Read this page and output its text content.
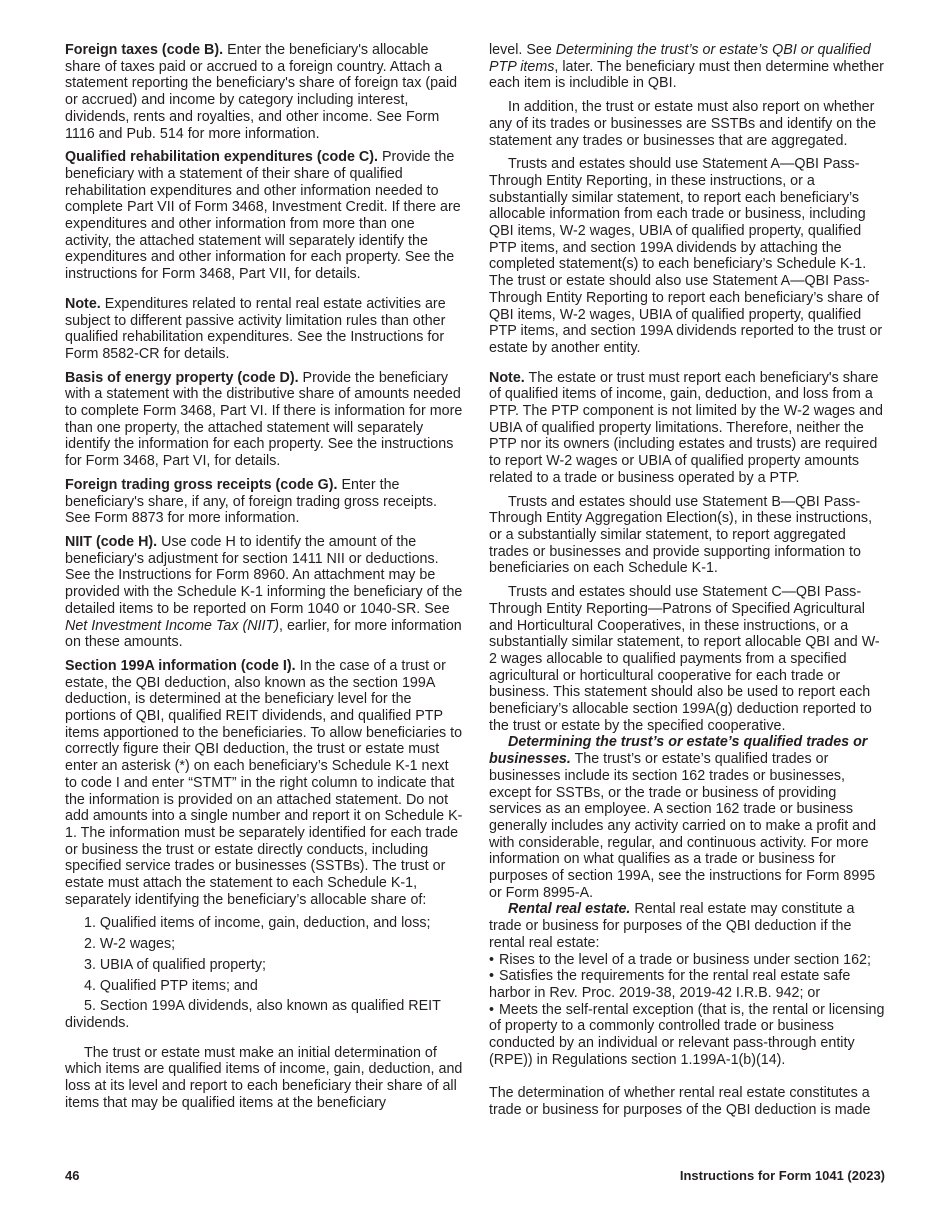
Foreign taxes (code B). Enter the beneficiary's allocable share of taxes paid or accrued to a foreign country. Attach a statement reporting the beneficiary's share of foreign tax (paid or accrued) and income by category including interest, dividends, rents and royalties, and other income. See Form 1116 and Pub. 514 for more information.

Qualified rehabilitation expenditures (code C). Provide the beneficiary with a statement of their share of qualified rehabilitation expenditures and other information needed to complete Part VII of Form 3468, Investment Credit. If there are expenditures and other information from more than one activity, the attached statement will separately identify the expenditures and other information for each property. See the instructions for Form 3468, Part VII, for details.

Note. Expenditures related to rental real estate activities are subject to different passive activity limitation rules than other qualified rehabilitation expenditures. See the Instructions for Form 8582-CR for details.

Basis of energy property (code D). Provide the beneficiary with a statement with the distributive share of amounts needed to complete Form 3468, Part VI. If there is information for more than one property, the attached statement will separately identify the information for each property. See the instructions for Form 3468, Part VI, for details.

Foreign trading gross receipts (code G). Enter the beneficiary's share, if any, of foreign trading gross receipts. See Form 8873 for more information.

NIIT (code H). Use code H to identify the amount of the beneficiary's adjustment for section 1411 NII or deductions. See the Instructions for Form 8960. An attachment may be provided with the Schedule K-1 informing the beneficiary of the detailed items to be reported on Form 1040 or 1040-SR. See Net Investment Income Tax (NIIT), earlier, for more information on these amounts.

Section 199A information (code I). In the case of a trust or estate, the QBI deduction, also known as the section 199A deduction, is determined at the beneficiary level for the portions of QBI, qualified REIT dividends, and qualified PTP items apportioned to the beneficiaries. To allow beneficiaries to correctly figure their QBI deduction, the trust or estate must enter an asterisk (*) on each beneficiary’s Schedule K-1 next to code I and enter “STMT” in the right column to indicate that the information is provided on an attached statement. Do not add amounts into a single number and report it on Schedule K-1. The information must be separately identified for each trade or business the trust or estate directly conducts, including specified service trades or businesses (SSTBs). The trust or estate must attach the statement to each Schedule K-1, separately identifying the beneficiary’s allocable share of:

1. Qualified items of income, gain, deduction, and loss;
2. W-2 wages;
3. UBIA of qualified property;
4. Qualified PTP items; and
5. Section 199A dividends, also known as qualified REIT dividends.

The trust or estate must make an initial determination of which items are qualified items of income, gain, deduction, and loss at its level and report to each beneficiary their share of all items that may be qualified items at the beneficiary

level. See Determining the trust’s or estate’s QBI or qualified PTP items, later. The beneficiary must then determine whether each item is includible in QBI.

In addition, the trust or estate must also report on whether any of its trades or businesses are SSTBs and identify on the statement any trades or businesses that are aggregated.

Trusts and estates should use Statement A—QBI Pass-Through Entity Reporting, in these instructions, or a substantially similar statement, to report each beneficiary’s allocable information from each trade or business, including QBI items, W-2 wages, UBIA of qualified property, qualified PTP items, and section 199A dividends by attaching the completed statement(s) to each beneficiary’s Schedule K-1. The trust or estate should also use Statement A—QBI Pass-Through Entity Reporting to report each beneficiary’s share of QBI items, W-2 wages, UBIA of qualified property, qualified PTP items, and section 199A dividends reported to the trust or estate by another entity.

Note. The estate or trust must report each beneficiary's share of qualified items of income, gain, deduction, and loss from a PTP. The PTP component is not limited by the W-2 wages and UBIA of qualified property limitations. Therefore, neither the PTP nor its owners (including estates and trusts) are required to report W-2 wages or UBIA of qualified property amounts related to a trade or business operated by a PTP.

Trusts and estates should use Statement B—QBI Pass-Through Entity Aggregation Election(s), in these instructions, or a substantially similar statement, to report aggregated trades or businesses and provide supporting information to beneficiaries on each Schedule K-1.

Trusts and estates should use Statement C—QBI Pass-Through Entity Reporting—Patrons of Specified Agricultural and Horticultural Cooperatives, in these instructions, or a substantially similar statement, to report allocable QBI and W-2 wages allocable to qualified payments from a specified agricultural or horticultural cooperative for each trade or business. This statement should also be used to report each beneficiary’s allocable section 199A(g) deduction reported to the trust or estate by the specified cooperative.

Determining the trust’s or estate’s qualified trades or businesses. The trust’s or estate’s qualified trades or businesses include its section 162 trades or businesses, except for SSTBs, or the trade or business of providing services as an employee. A section 162 trade or business generally includes any activity carried on to make a profit and with considerable, regular, and continuous activity. For more information on what qualifies as a trade or business for purposes of section 199A, see the instructions for Form 8995 or Form 8995-A.

Rental real estate. Rental real estate may constitute a trade or business for purposes of the QBI deduction if the rental real estate:

• Rises to the level of a trade or business under section 162;
• Satisfies the requirements for the rental real estate safe harbor in Rev. Proc. 2019-38, 2019-42 I.R.B. 942; or
• Meets the self-rental exception (that is, the rental or licensing of property to a commonly controlled trade or business conducted by an individual or relevant pass-through entity (RPE)) in Regulations section 1.199A-1(b)(14).

The determination of whether rental real estate constitutes a trade or business for purposes of the QBI deduction is made

46	Instructions for Form 1041 (2023)
